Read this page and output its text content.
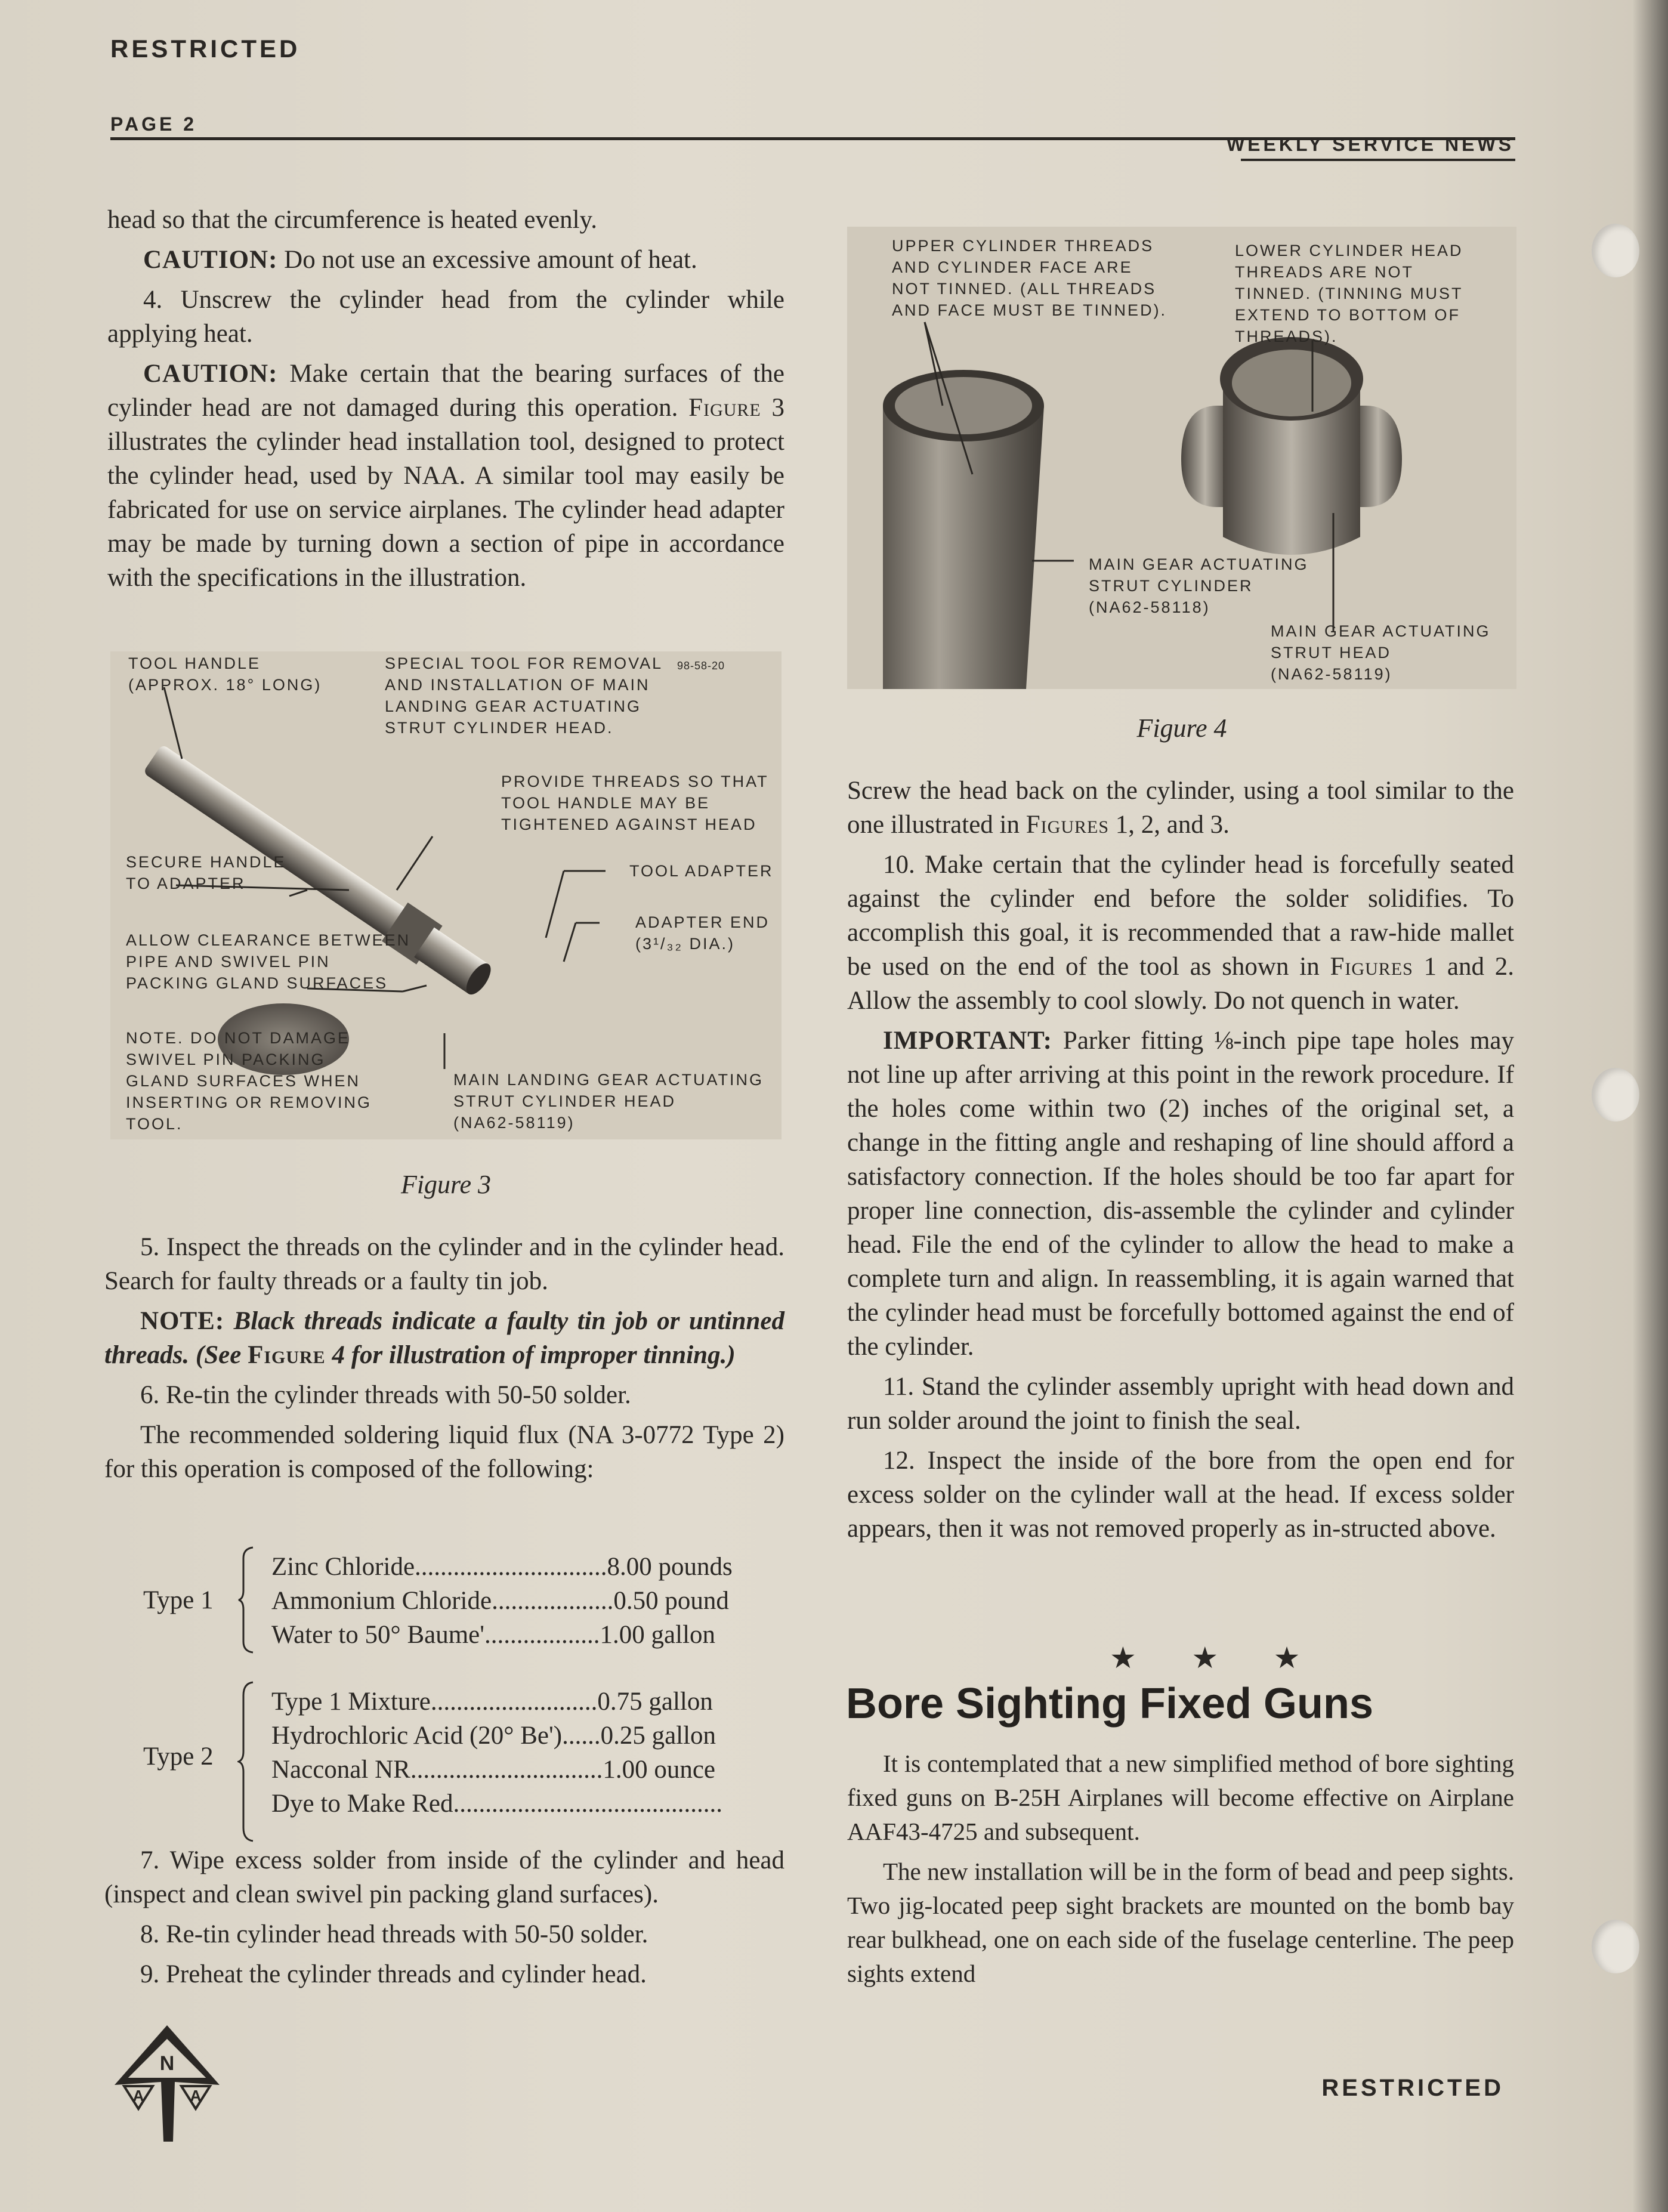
RESTRICTED
PAGE 2
WEEKLY SERVICE NEWS

head so that the circumference is heated evenly.

CAUTION: Do not use an excessive amount of heat.

4. Unscrew the cylinder head from the cylinder while applying heat.

CAUTION: Make certain that the bearing surfaces of the cylinder head are not damaged during this operation. Figure 3 illustrates the cylinder head installation tool, designed to protect the cylinder head, used by NAA. A similar tool may easily be fabricated for use on service airplanes. The cylinder head adapter may be made by turning down a section of pipe in accordance with the specifications in the illustration.

TOOL HANDLE
(APPROX. 18° LONG)
SPECIAL TOOL FOR REMOVAL
AND INSTALLATION OF MAIN
LANDING GEAR ACTUATING
STRUT CYLINDER HEAD.
98-58-20
PROVIDE THREADS SO THAT
TOOL HANDLE MAY BE
TIGHTENED AGAINST HEAD
SECURE HANDLE
TO ADAPTER
TOOL ADAPTER
ADAPTER END
(3¹/₃₂ DIA.)
ALLOW CLEARANCE BETWEEN
PIPE AND SWIVEL PIN
PACKING GLAND SURFACES
NOTE. DO NOT DAMAGE
SWIVEL PIN PACKING
GLAND SURFACES WHEN
INSERTING OR REMOVING
TOOL.
MAIN LANDING GEAR ACTUATING
STRUT CYLINDER HEAD
(NA62-58119)
Figure 3

5. Inspect the threads on the cylinder and in the cylinder head. Search for faulty threads or a faulty tin job.

NOTE: Black threads indicate a faulty tin job or untinned threads. (See Figure 4 for illustration of improper tinning.)

6. Re-tin the cylinder threads with 50-50 solder.

The recommended soldering liquid flux (NA 3-0772 Type 2) for this operation is composed of the following:

Type 1
Zinc Chloride..............................8.00 pounds
Ammonium Chloride...................0.50 pound
Water to 50° Baume'..................1.00 gallon
Type 2
Type 1 Mixture..........................0.75 gallon
Hydrochloric Acid (20° Be')......0.25 gallon
Nacconal NR..............................1.00 ounce
Dye to Make Red..........................................

7. Wipe excess solder from inside of the cylinder and head (inspect and clean swivel pin packing gland surfaces).

8. Re-tin cylinder head threads with 50-50 solder.

9. Preheat the cylinder threads and cylinder head.

UPPER CYLINDER THREADS
AND CYLINDER FACE ARE
NOT TINNED. (ALL THREADS
AND FACE MUST BE TINNED).
LOWER CYLINDER HEAD
THREADS ARE NOT
TINNED. (TINNING MUST
EXTEND TO BOTTOM OF
THREADS).
MAIN GEAR ACTUATING
STRUT CYLINDER
(NA62-58118)
MAIN GEAR ACTUATING
STRUT HEAD
(NA62-58119)
Figure 4

Screw the head back on the cylinder, using a tool similar to the one illustrated in Figures 1, 2, and 3.

10. Make certain that the cylinder head is forcefully seated against the cylinder end before the solder solidifies. To accomplish this goal, it is recommended that a raw-hide mallet be used on the end of the tool as shown in Figures 1 and 2. Allow the assembly to cool slowly. Do not quench in water.

IMPORTANT: Parker fitting ⅛-inch pipe tape holes may not line up after arriving at this point in the rework procedure. If the holes come within two (2) inches of the original set, a change in the fitting angle and reshaping of line should afford a satisfactory connection. If the holes should be too far apart for proper line connection, dis-assemble the cylinder and cylinder head. File the end of the cylinder to allow the head to make a complete turn and align. In reassembling, it is again warned that the cylinder head must be forcefully bottomed against the end of the cylinder.

11. Stand the cylinder assembly upright with head down and run solder around the joint to finish the seal.

12. Inspect the inside of the bore from the open end for excess solder on the cylinder wall at the head. If excess solder appears, then it was not removed properly as in-structed above.

★ ★ ★
Bore Sighting Fixed Guns

It is contemplated that a new simplified method of bore sighting fixed guns on B-25H Airplanes will become effective on Airplane AAF43-4725 and subsequent.

The new installation will be in the form of bead and peep sights. Two jig-located peep sight brackets are mounted on the bomb bay rear bulkhead, one on each side of the fuselage centerline. The peep sights extend

N
A	A	RESTRICTED
